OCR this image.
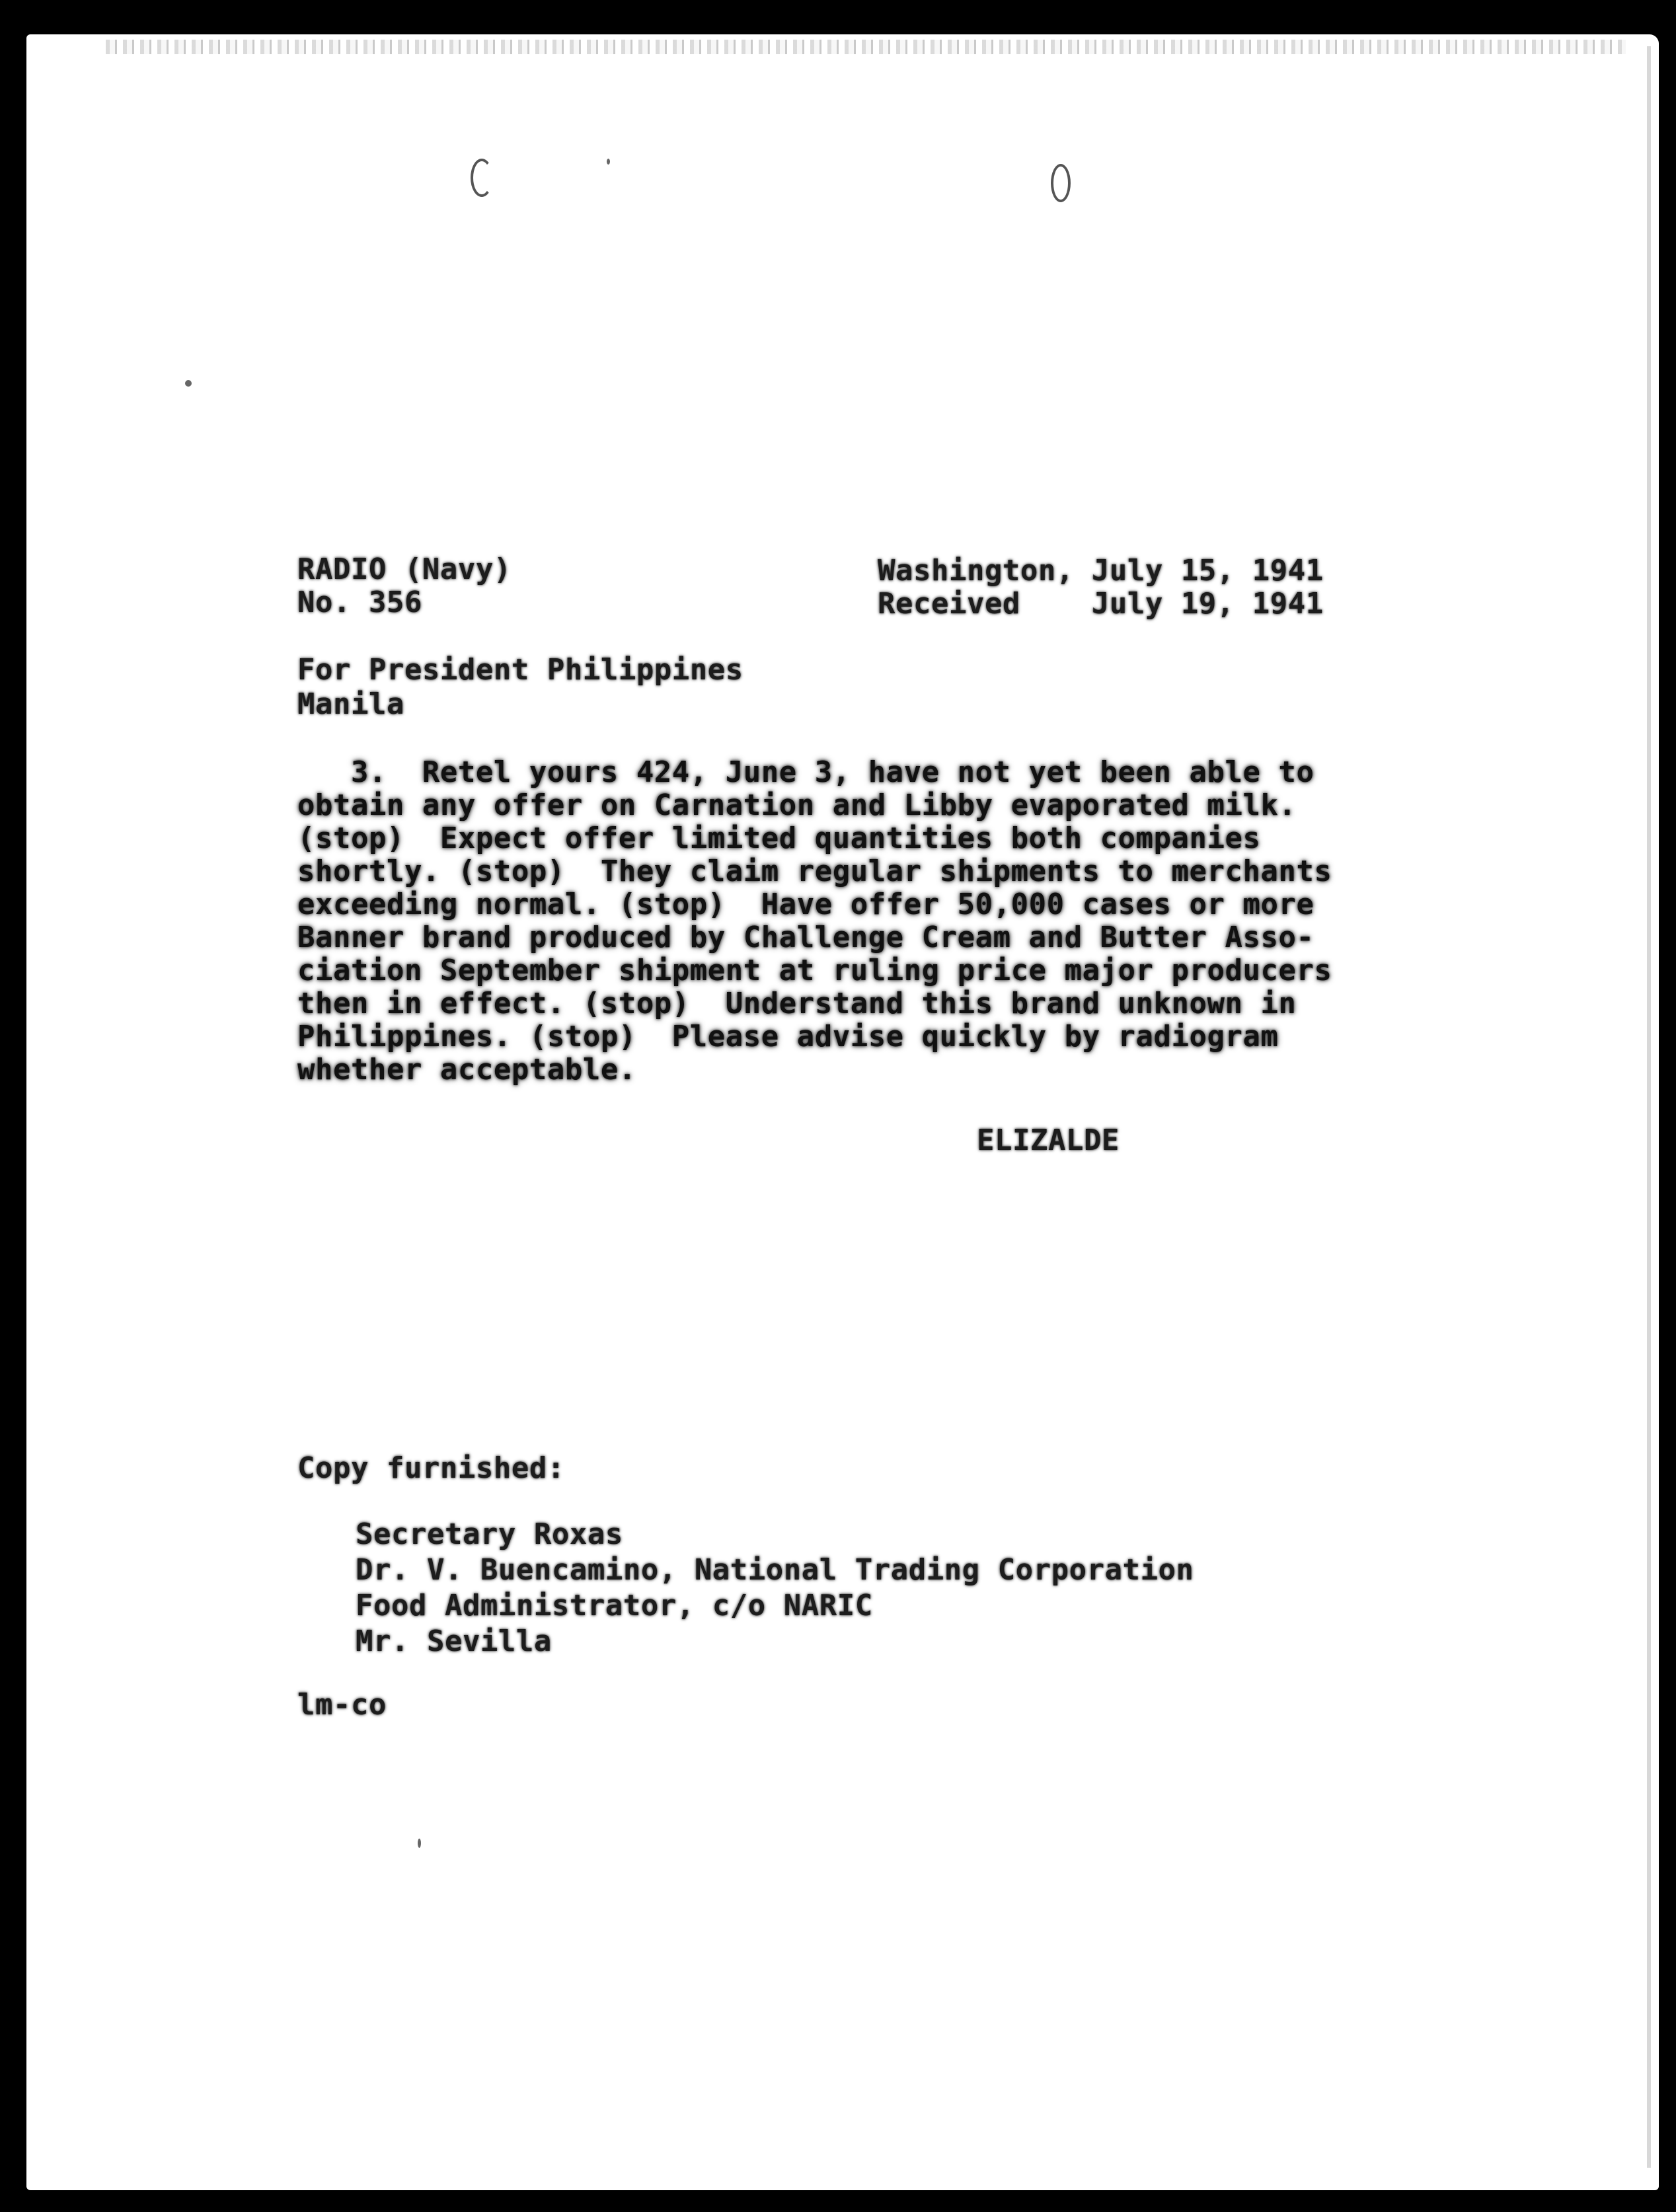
RADIO (Navy)
No. 356
Washington, July 15, 1941
Received    July 19, 1941
For President Philippines
Manila
3.  Retel yours 424, June 3, have not yet been able to
obtain any offer on Carnation and Libby evaporated milk.
(stop)  Expect offer limited quantities both companies
shortly. (stop)  They claim regular shipments to merchants
exceeding normal. (stop)  Have offer 50,000 cases or more
Banner brand produced by Challenge Cream and Butter Asso-
ciation September shipment at ruling price major producers
then in effect. (stop)  Understand this brand unknown in
Philippines. (stop)  Please advise quickly by radiogram
whether acceptable.
ELIZALDE
Copy furnished:
Secretary Roxas
Dr. V. Buencamino, National Trading Corporation
Food Administrator, c/o NARIC
Mr. Sevilla
lm-co
